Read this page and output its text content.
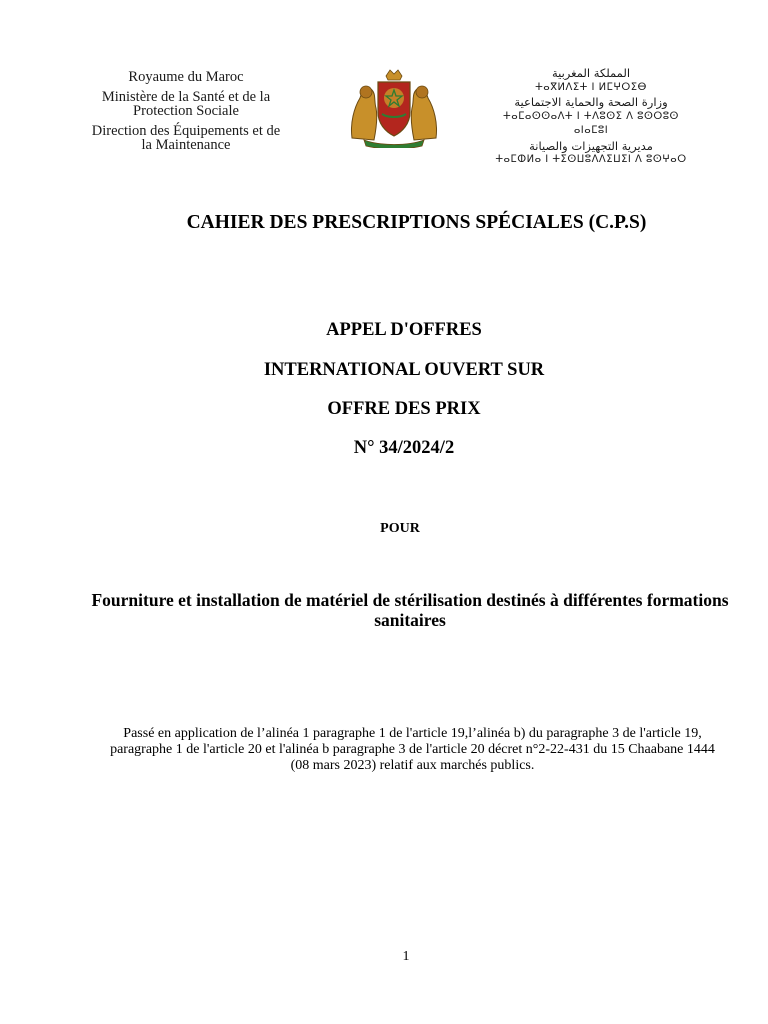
Royaume du Maroc
Ministère de la Santé et de la
Protection Sociale
Direction des Équipements et de
la Maintenance
المملكة المغربية
ⵜⴰⴳⵍⴷⵉⵜ ⵏ ⵍⵎⵖⵔⵉⴱ
وزارة الصحة والحماية الاجتماعية
ⵜⴰⵎⴰⵙⵙⴰⴷⵜ ⵏ ⵜⴷⵓⵙⵉ ⴷ ⵓⵙⵔⵓⵙ ⴰⵏⴰⵎⵓⵏ
مديرية التجهيزات والصيانة
ⵜⴰⵎⵀⵍⴰ ⵏ ⵜⵉⵙⵡⵓⴷⴷⵉⵡⵉⵏ ⴷ ⵓⵙⵖⴰⵔ
CAHIER DES PRESCRIPTIONS SPÉCIALES (C.P.S)
APPEL D'OFFRES
INTERNATIONAL OUVERT SUR
OFFRE DES PRIX
N° 34/2024/2
POUR
Fourniture et installation de matériel de stérilisation destinés à différentes formations sanitaires
Passé en application de l’alinéa 1 paragraphe 1 de l'article 19,l’alinéa b) du paragraphe 3 de l'article 19, paragraphe 1 de l'article 20 et l'alinéa b paragraphe 3 de l'article 20 décret n°2-22-431 du 15 Chaabane 1444 (08 mars 2023) relatif aux marchés publics.
1
